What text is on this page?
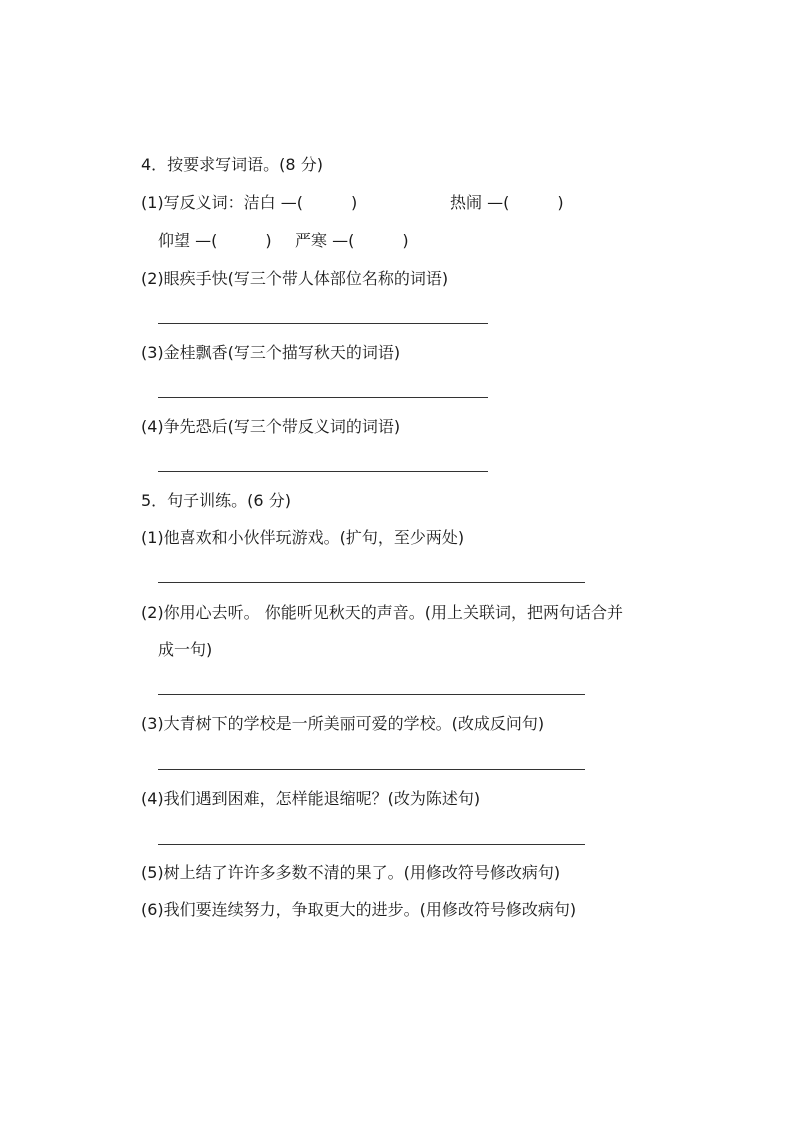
4．按要求写词语。(8 分)
(1)写反义词：洁白 —(　　　)	热闹 —(　　　)
仰望 —(　　　) 严寒 —(　　　)
(2)眼疾手快(写三个带人体部位名称的词语)
(3)金桂飘香(写三个描写秋天的词语)
(4)争先恐后(写三个带反义词的词语)
5．句子训练。(6 分)
(1)他喜欢和小伙伴玩游戏。(扩句，至少两处)
(2)你用心去听。 你能听见秋天的声音。(用上关联词，把两句话合并
成一句)
(3)大青树下的学校是一所美丽可爱的学校。(改成反问句)
(4)我们遇到困难，怎样能退缩呢？(改为陈述句)
(5)树上结了许许多多数不清的果了。(用修改符号修改病句)
(6)我们要连续努力，争取更大的进步。(用修改符号修改病句)
